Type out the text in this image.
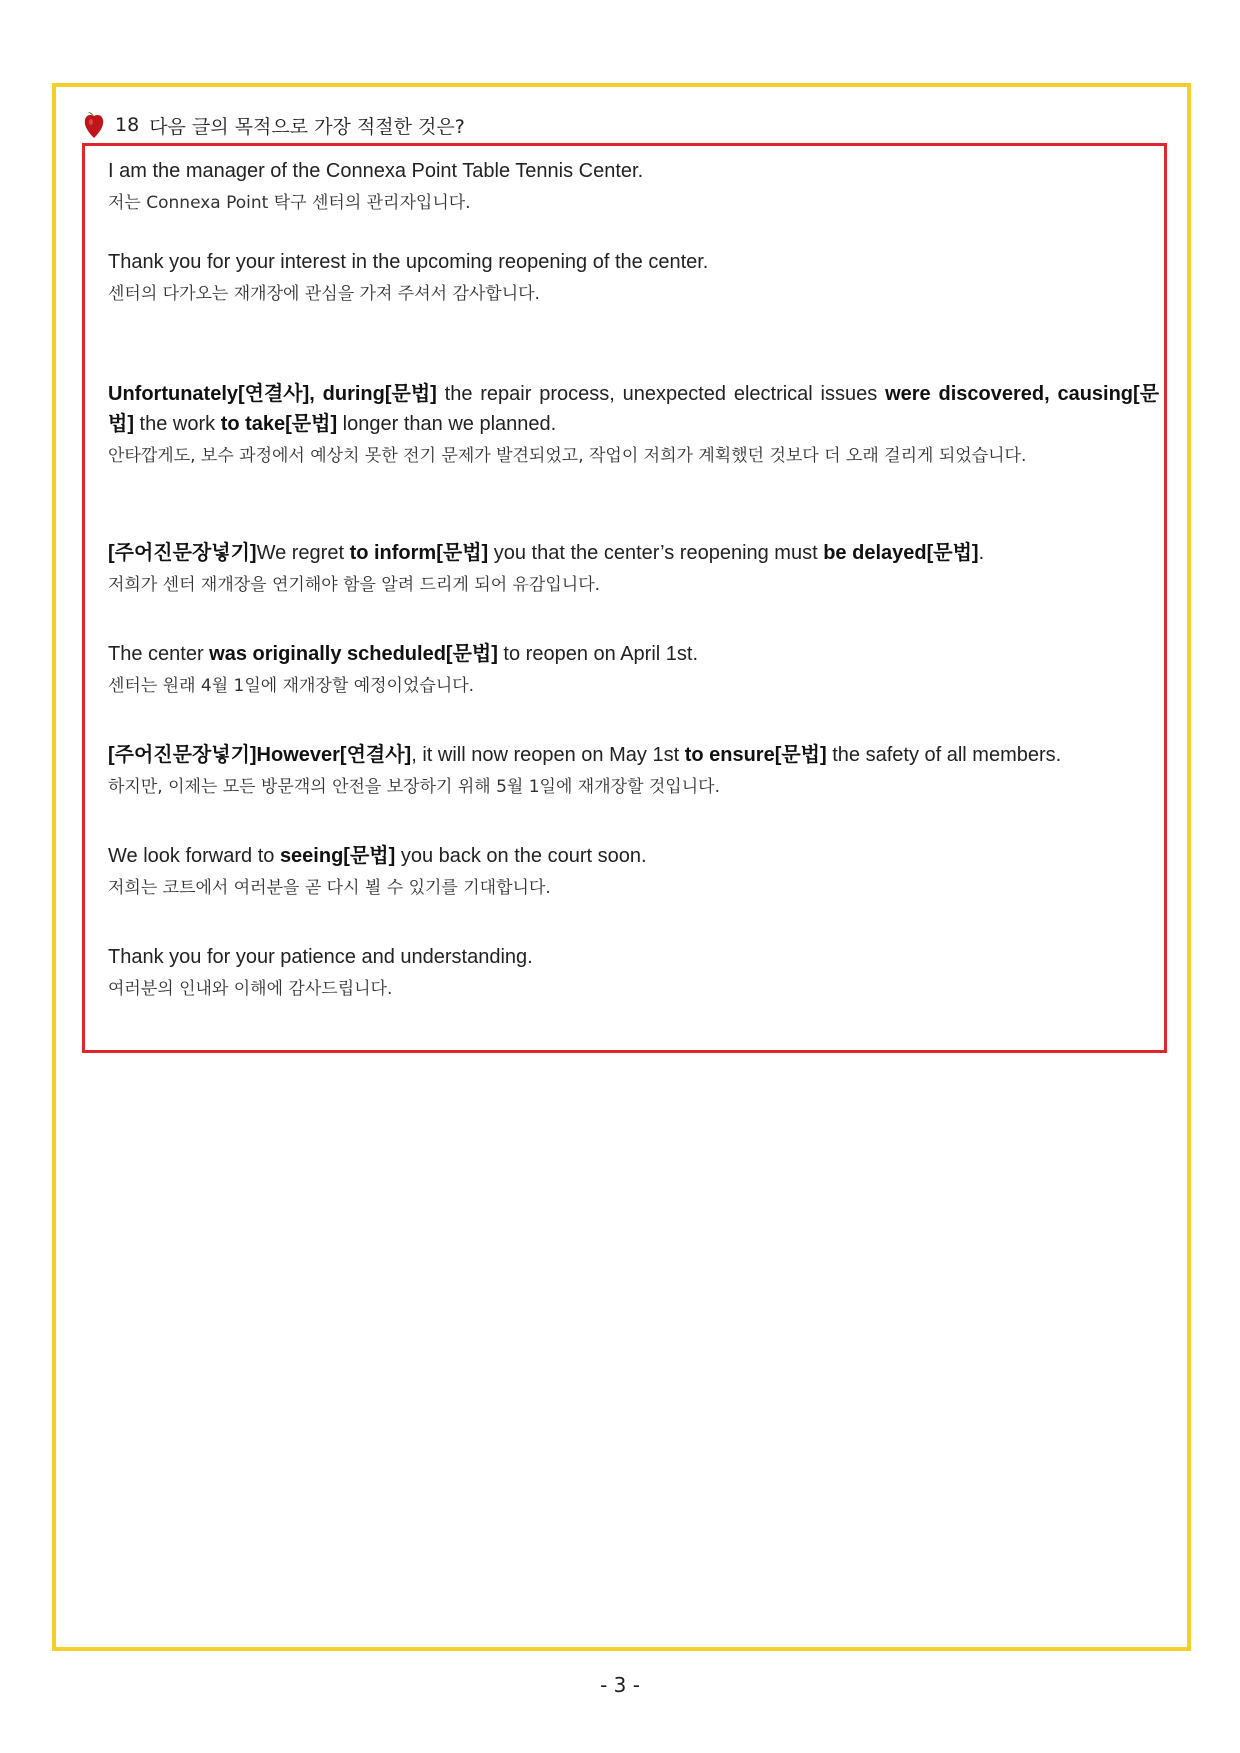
18 다음 글의 목적으로 가장 적절한 것은?
I am the manager of the Connexa Point Table Tennis Center.
저는 Connexa Point 탁구 센터의 관리자입니다.
Thank you for your interest in the upcoming reopening of the center.
센터의 다가오는 재개장에 관심을 가져 주셔서 감사합니다.
Unfortunately[연결사], during[문법] the repair process, unexpected electrical issues were discovered, causing[문법] the work to take[문법] longer than we planned.
안타깝게도, 보수 과정에서 예상치 못한 전기 문제가 발견되었고, 작업이 저희가 계획했던 것보다 더 오래 걸리게 되었습니다.
[주어진문장넣기]We regret to inform[문법] you that the center’s reopening must be delayed[문법].
저희가 센터 재개장을 연기해야 함을 알려 드리게 되어 유감입니다.
The center was originally scheduled[문법] to reopen on April 1st.
센터는 원래 4월 1일에 재개장할 예정이었습니다.
[주어진문장넣기]However[연결사], it will now reopen on May 1st to ensure[문법] the safety of all members.
하지만, 이제는 모든 방문객의 안전을 보장하기 위해 5월 1일에 재개장할 것입니다.
We look forward to seeing[문법] you back on the court soon.
저희는 코트에서 여러분을 곧 다시 뵐 수 있기를 기대합니다.
Thank you for your patience and understanding.
여러분의 인내와 이해에 감사드립니다.
- 3 -
